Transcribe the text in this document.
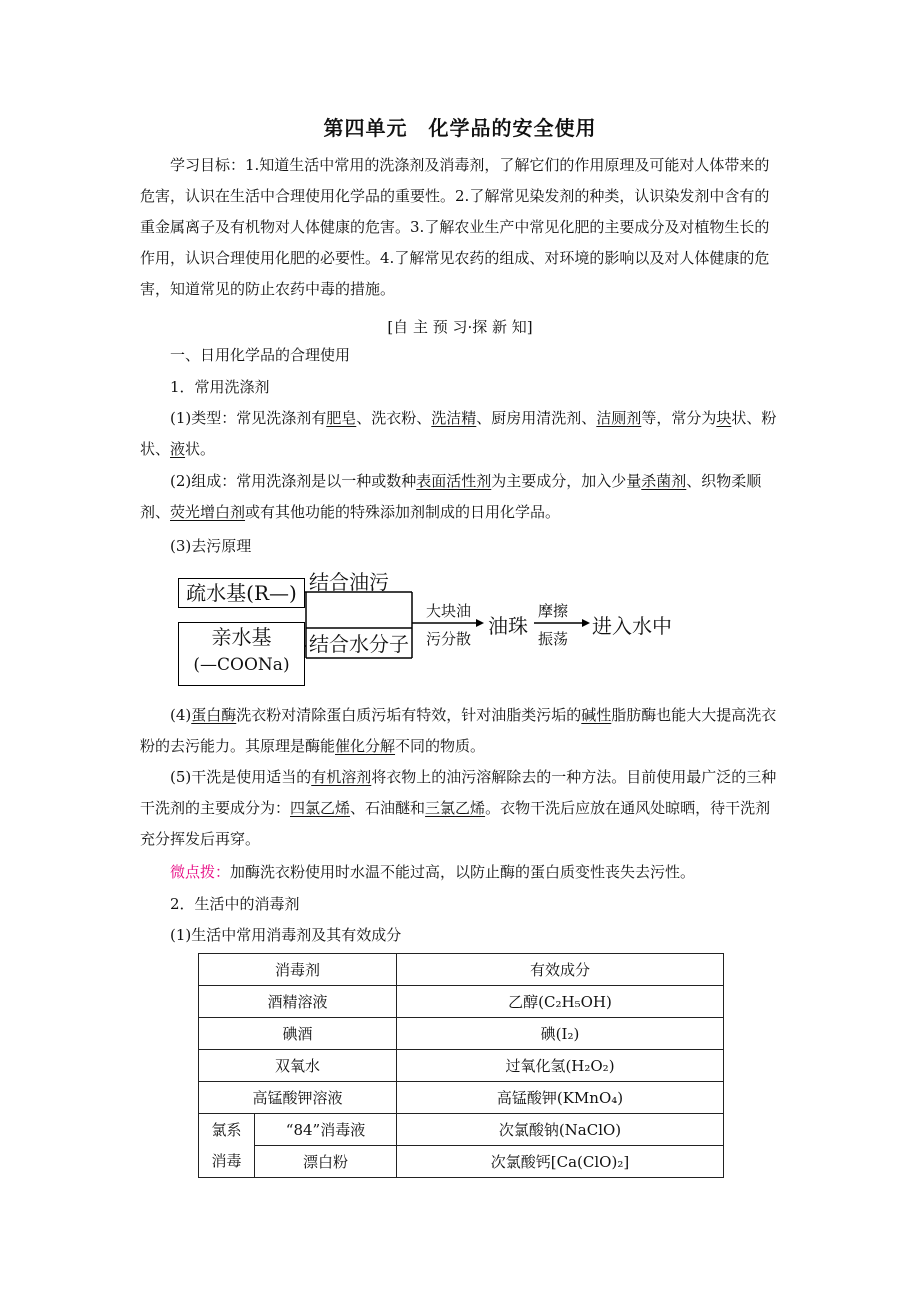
第四单元　化学品的安全使用
学习目标：1.知道生活中常用的洗涤剂及消毒剂，了解它们的作用原理及可能对人体带来的危害，认识在生活中合理使用化学品的重要性。2.了解常见染发剂的种类，认识染发剂中含有的重金属离子及有机物对人体健康的危害。3.了解农业生产中常见化肥的主要成分及对植物生长的作用，认识合理使用化肥的必要性。4.了解常见农药的组成、对环境的影响以及对人体健康的危害，知道常见的防止农药中毒的措施。
[自 主 预 习·探 新 知]
一、日用化学品的合理使用
1．常用洗涤剂
(1)类型：常见洗涤剂有肥皂、洗衣粉、洗洁精、厨房用清洗剂、洁厕剂等，常分为块状、粉状、液状。
(2)组成：常用洗涤剂是以一种或数种表面活性剂为主要成分，加入少量杀菌剂、织物柔顺剂、荧光增白剂或有其他功能的特殊添加剂制成的日用化学品。
(3)去污原理
疏水基(R—)
亲水基
(—COONa)
结合油污
结合水分子
大块油
污分散
油珠
摩擦
振荡
进入水中
(4)蛋白酶洗衣粉对清除蛋白质污垢有特效，针对油脂类污垢的碱性脂肪酶也能大大提高洗衣粉的去污能力。其原理是酶能催化分解不同的物质。
(5)干洗是使用适当的有机溶剂将衣物上的油污溶解除去的一种方法。目前使用最广泛的三种干洗剂的主要成分为：四氯乙烯、石油醚和三氯乙烯。衣物干洗后应放在通风处晾晒，待干洗剂充分挥发后再穿。
微点拨：加酶洗衣粉使用时水温不能过高，以防止酶的蛋白质变性丧失去污性。
2．生活中的消毒剂
(1)生活中常用消毒剂及其有效成分
消毒剂		有效成分
酒精溶液		乙醇(C₂H₅OH)
碘酒		碘(I₂)
双氧水		过氧化氢(H₂O₂)
高锰酸钾溶液		高锰酸钾(KMnO₄)

氯系
消毒	“84”消毒液	次氯酸钠(NaClO)
	漂白粉	次氯酸钙[Ca(ClO)₂]
